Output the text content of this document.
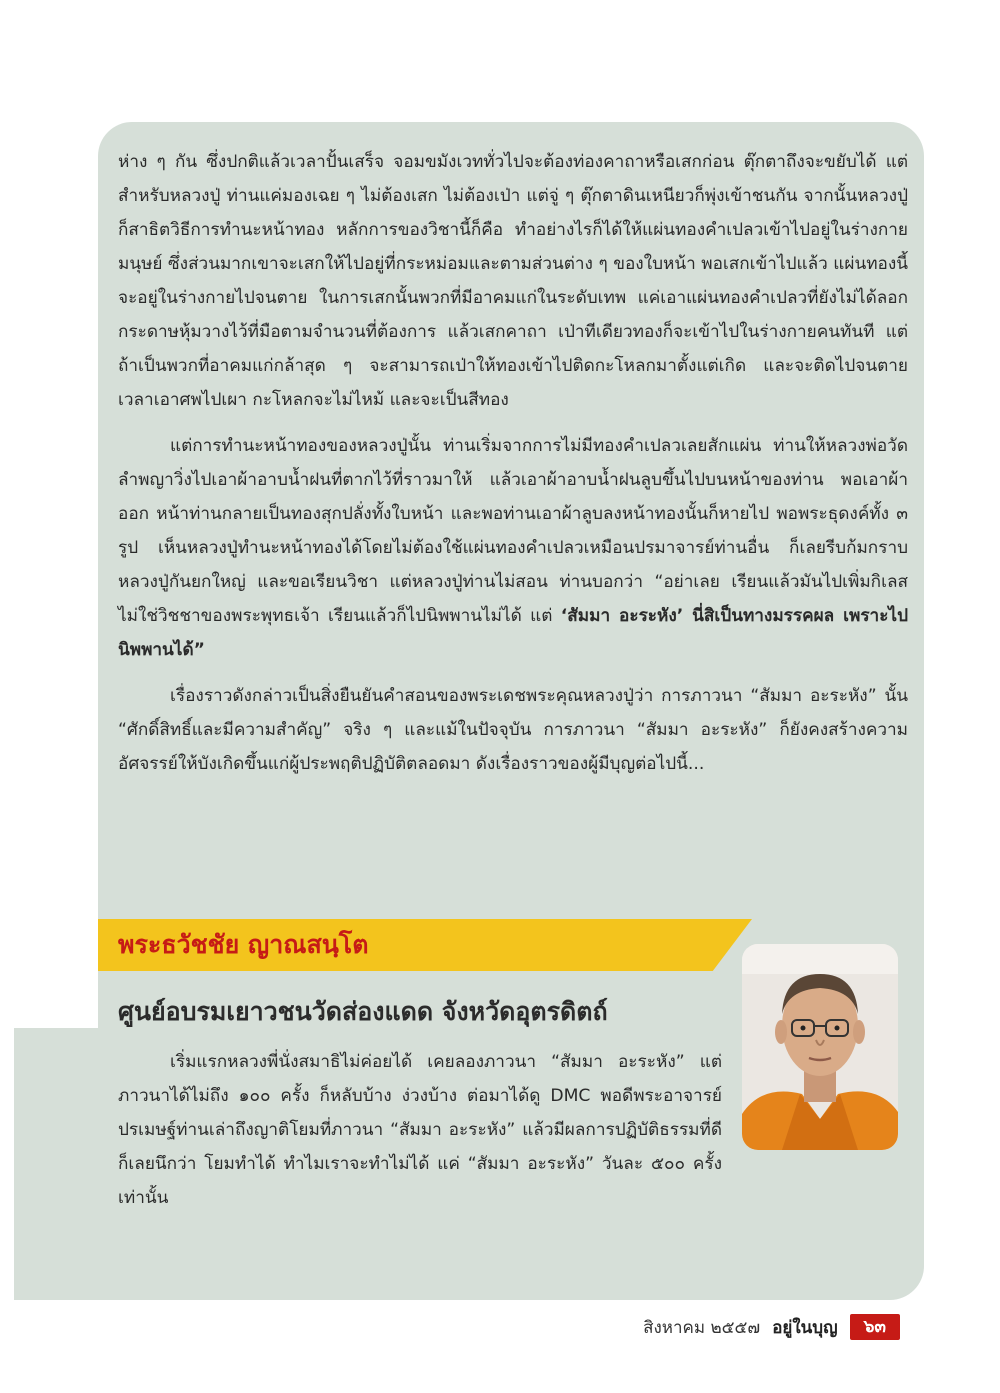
ห่าง ๆ กัน ซึ่งปกติแล้วเวลาปั้นเสร็จ จอมขมังเวททั่วไปจะต้องท่องคาถาหรือเสกก่อน ตุ๊กตาถึงจะขยับได้ แต่สำหรับหลวงปู่ ท่านแค่มองเฉย ๆ ไม่ต้องเสก ไม่ต้องเป่า แต่จู่ ๆ ตุ๊กตาดินเหนียวก็พุ่งเข้าชนกัน จากนั้นหลวงปู่ก็สาธิตวิธีการทำนะหน้าทอง หลักการของวิชานี้ก็คือ ทำอย่างไรก็ได้ให้แผ่นทองคำเปลวเข้าไปอยู่ในร่างกายมนุษย์ ซึ่งส่วนมากเขาจะเสกให้ไปอยู่ที่กระหม่อมและตามส่วนต่าง ๆ ของใบหน้า พอเสกเข้าไปแล้ว แผ่นทองนี้จะอยู่ในร่างกายไปจนตาย ในการเสกนั้นพวกที่มีอาคมแก่ในระดับเทพ แค่เอาแผ่นทองคำเปลวที่ยังไม่ได้ลอกกระดาษหุ้มวางไว้ที่มือตามจำนวนที่ต้องการ แล้วเสกคาถา เป่าทีเดียวทองก็จะเข้าไปในร่างกายคนทันที แต่ถ้าเป็นพวกที่อาคมแก่กล้าสุด ๆ จะสามารถเป่าให้ทองเข้าไปติดกะโหลกมาตั้งแต่เกิด และจะติดไปจนตายเวลาเอาศพไปเผา กะโหลกจะไม่ไหม้ และจะเป็นสีทอง

แต่การทำนะหน้าทองของหลวงปู่นั้น ท่านเริ่มจากการไม่มีทองคำเปลวเลยสักแผ่น ท่านให้หลวงพ่อวัดลำพญาวิ่งไปเอาผ้าอาบน้ำฝนที่ตากไว้ที่ราวมาให้ แล้วเอาผ้าอาบน้ำฝนลูบขึ้นไปบนหน้าของท่าน พอเอาผ้าออก หน้าท่านกลายเป็นทองสุกปลั่งทั้งใบหน้า และพอท่านเอาผ้าลูบลงหน้าทองนั้นก็หายไป พอพระธุดงค์ทั้ง ๓ รูป เห็นหลวงปู่ทำนะหน้าทองได้โดยไม่ต้องใช้แผ่นทองคำเปลวเหมือนปรมาจารย์ท่านอื่น ก็เลยรีบก้มกราบหลวงปู่กันยกใหญ่ และขอเรียนวิชา แต่หลวงปู่ท่านไม่สอน ท่านบอกว่า “อย่าเลย เรียนแล้วมันไปเพิ่มกิเลส ไม่ใช่วิชชาของพระพุทธเจ้า เรียนแล้วก็ไปนิพพานไม่ได้ แต่ ‘สัมมา อะระหัง’ นี่สิเป็นทางมรรคผล เพราะไปนิพพานได้”

เรื่องราวดังกล่าวเป็นสิ่งยืนยันคำสอนของพระเดชพระคุณหลวงปู่ว่า การภาวนา “สัมมา อะระหัง” นั้น “ศักดิ์สิทธิ์และมีความสำคัญ” จริง ๆ และแม้ในปัจจุบัน การภาวนา “สัมมา อะระหัง” ก็ยังคงสร้างความอัศจรรย์ให้บังเกิดขึ้นแก่ผู้ประพฤติปฏิบัติตลอดมา ดังเรื่องราวของผู้มีบุญต่อไปนี้...

พระธวัชชัย ญาณสนฺโต
ศูนย์อบรมเยาวชนวัดส่องแดด จังหวัดอุตรดิตถ์

เริ่มแรกหลวงพี่นั่งสมาธิไม่ค่อยได้ เคยลองภาวนา “สัมมา อะระหัง” แต่ภาวนาได้ไม่ถึง ๑๐๐ ครั้ง ก็หลับบ้าง ง่วงบ้าง ต่อมาได้ดู DMC พอดีพระอาจารย์ปรเมษฐ์ท่านเล่าถึงญาติโยมที่ภาวนา “สัมมา อะระหัง” แล้วมีผลการปฏิบัติธรรมที่ดี ก็เลยนึกว่า โยมทำได้ ทำไมเราจะทำไม่ได้ แค่ “สัมมา อะระหัง” วันละ ๕๐๐ ครั้ง เท่านั้น

สิงหาคม ๒๕๕๗ อยู่ในบุญ	๖๓
